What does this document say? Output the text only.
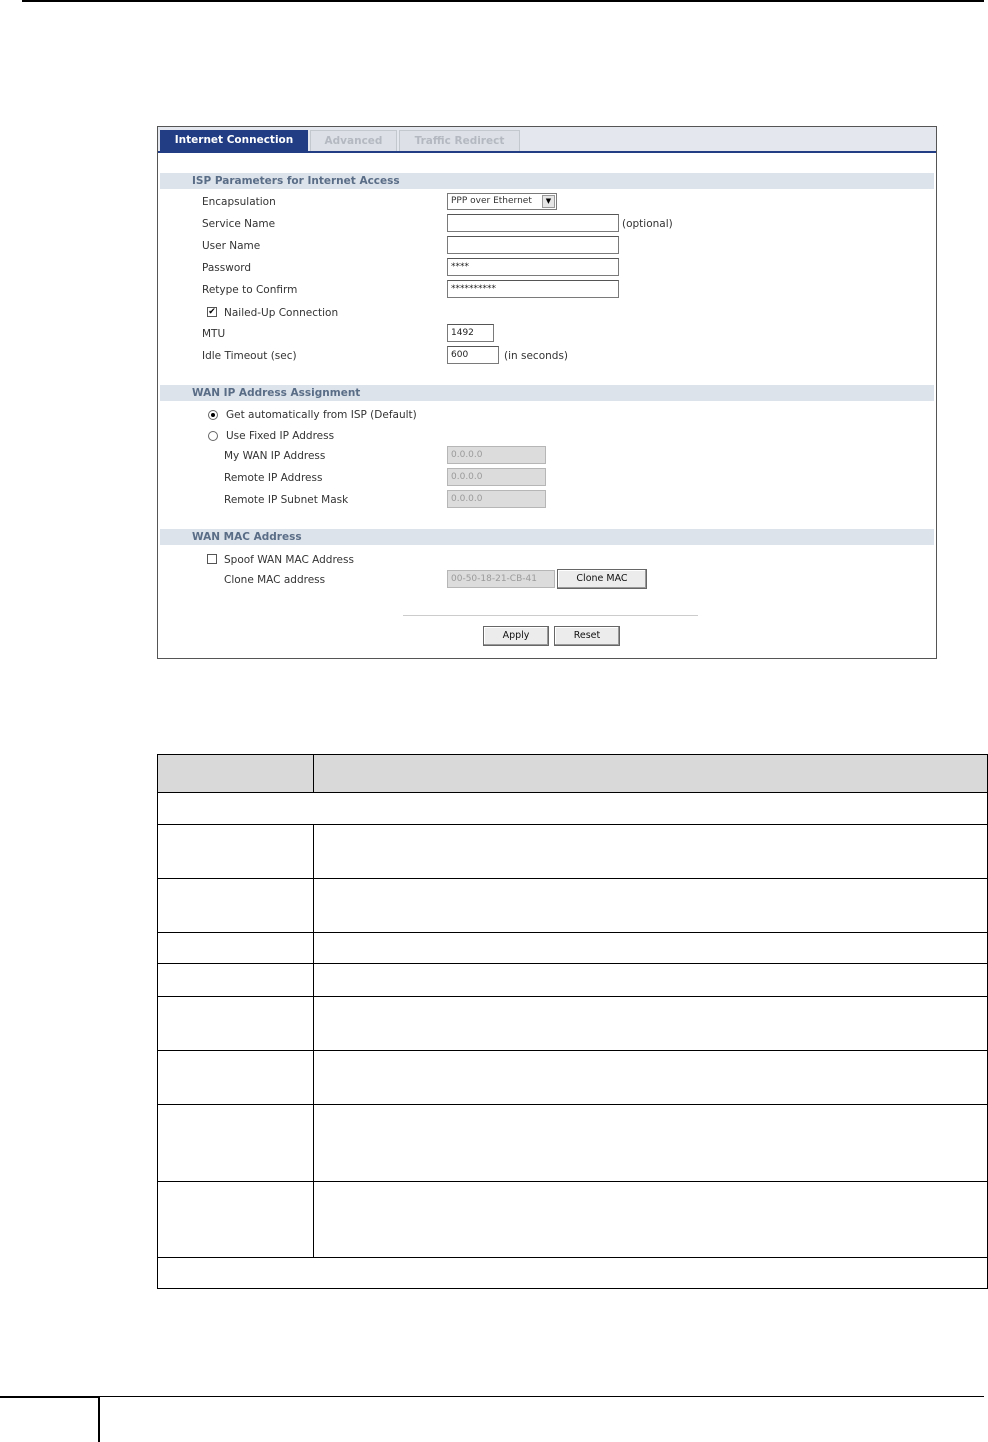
Internet Connection	Advanced	Traffic Redirect
ISP Parameters for Internet Access
Encapsulation	PPP over Ethernet	▼
Service Name	(optional)
User Name
Password	****
Retype to Confirm	**********
✔ Nailed-Up Connection
MTU	1492
Idle Timeout (sec)	600	(in seconds)
WAN IP Address Assignment
Get automatically from ISP (Default)
Use Fixed IP Address
My WAN IP Address	0.0.0.0
Remote IP Address	0.0.0.0
Remote IP Subnet Mask	0.0.0.0
WAN MAC Address
Spoof WAN MAC Address
Clone MAC address	00-50-18-21-CB-41	Clone MAC
Apply	Reset
